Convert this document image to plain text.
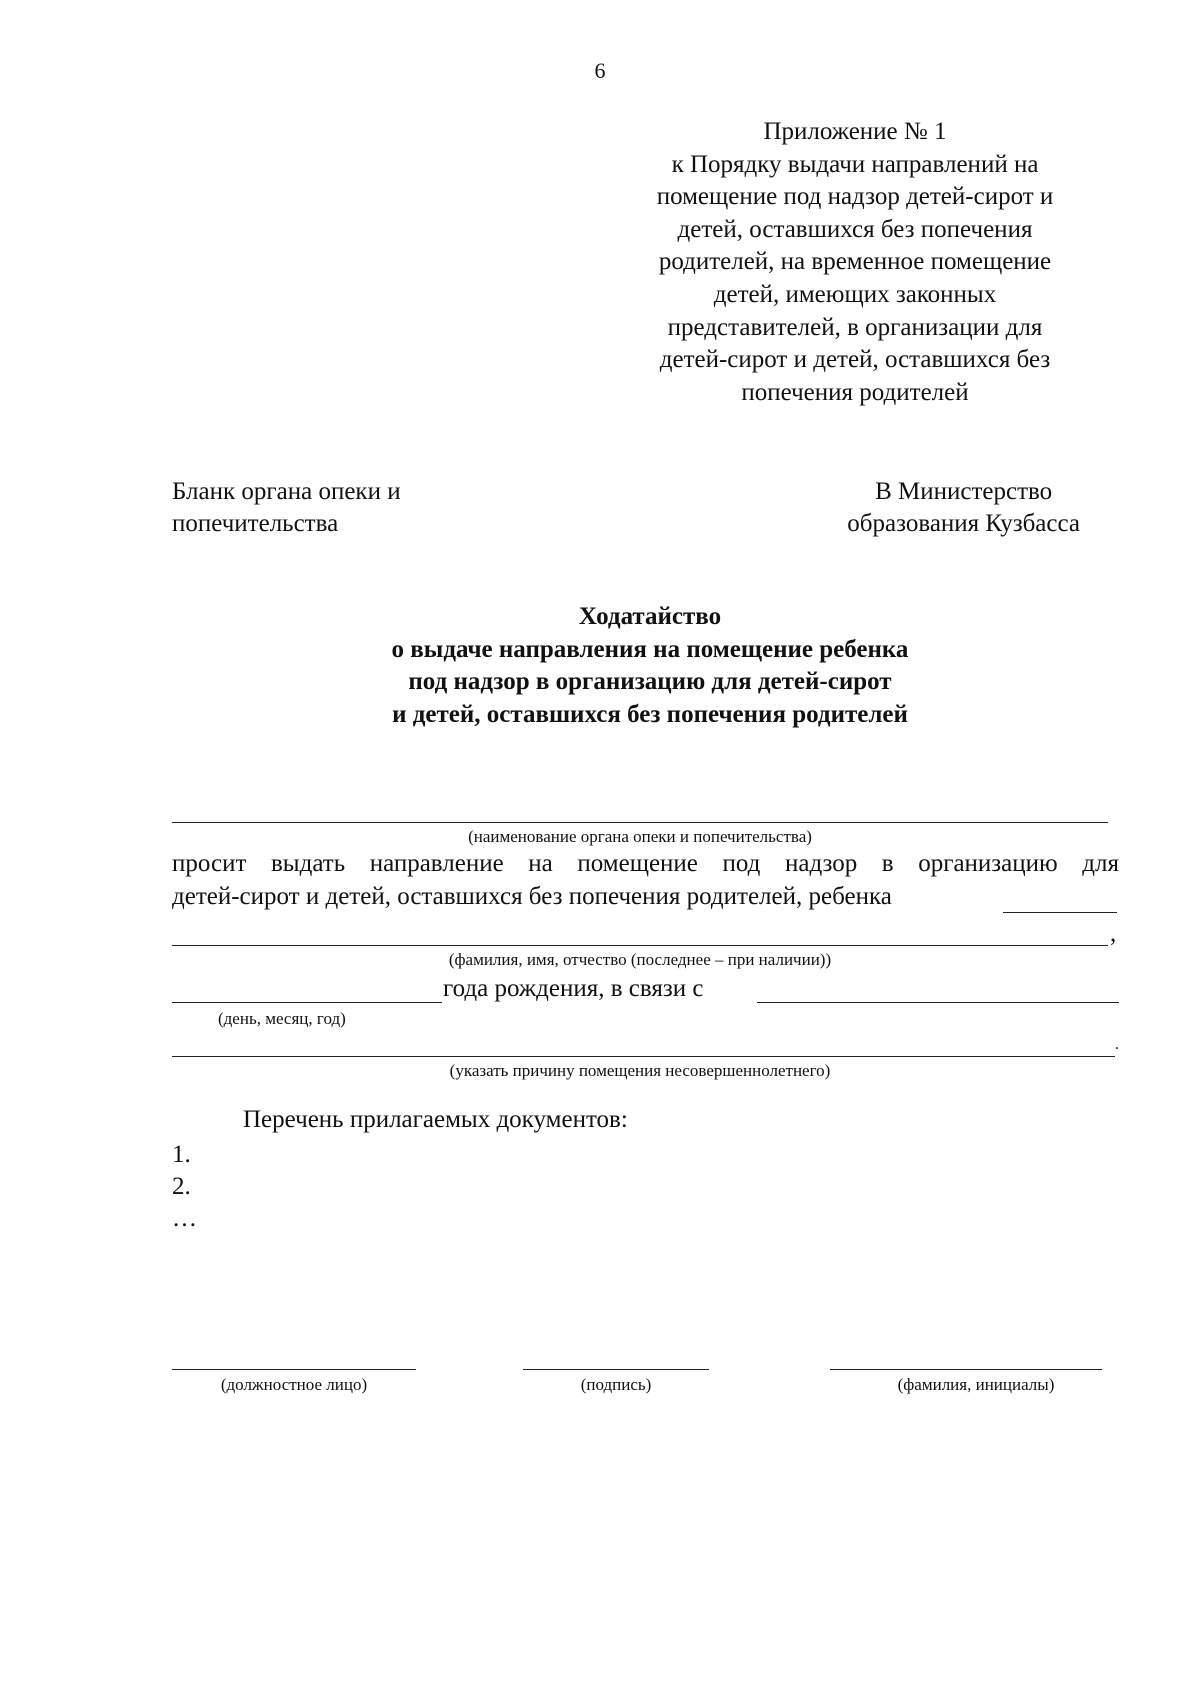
6
Приложение № 1
к Порядку выдачи направлений на
помещение под надзор детей-сирот и
детей, оставшихся без попечения
родителей, на временное помещение
детей, имеющих законных
представителей, в организации для
детей-сирот и детей, оставшихся без
попечения родителей
Бланк органа опеки и
попечительства
В Министерство
образования Кузбасса
Ходатайство
о выдаче направления на помещение ребенка
под надзор в организацию для детей-сирот
и детей, оставшихся без попечения родителей
(наименование органа опеки и попечительства)
просит выдать направление на помещение под надзор в организацию для
детей-сирот и детей, оставшихся без попечения родителей, ребенка
,
(фамилия, имя, отчество (последнее – при наличии))
года рождения, в связи с
(день, месяц, год)
.
(указать причину помещения несовершеннолетнего)
Перечень прилагаемых документов:
1.
2.
…
(должностное лицо)	(подпись)	(фамилия, инициалы)
